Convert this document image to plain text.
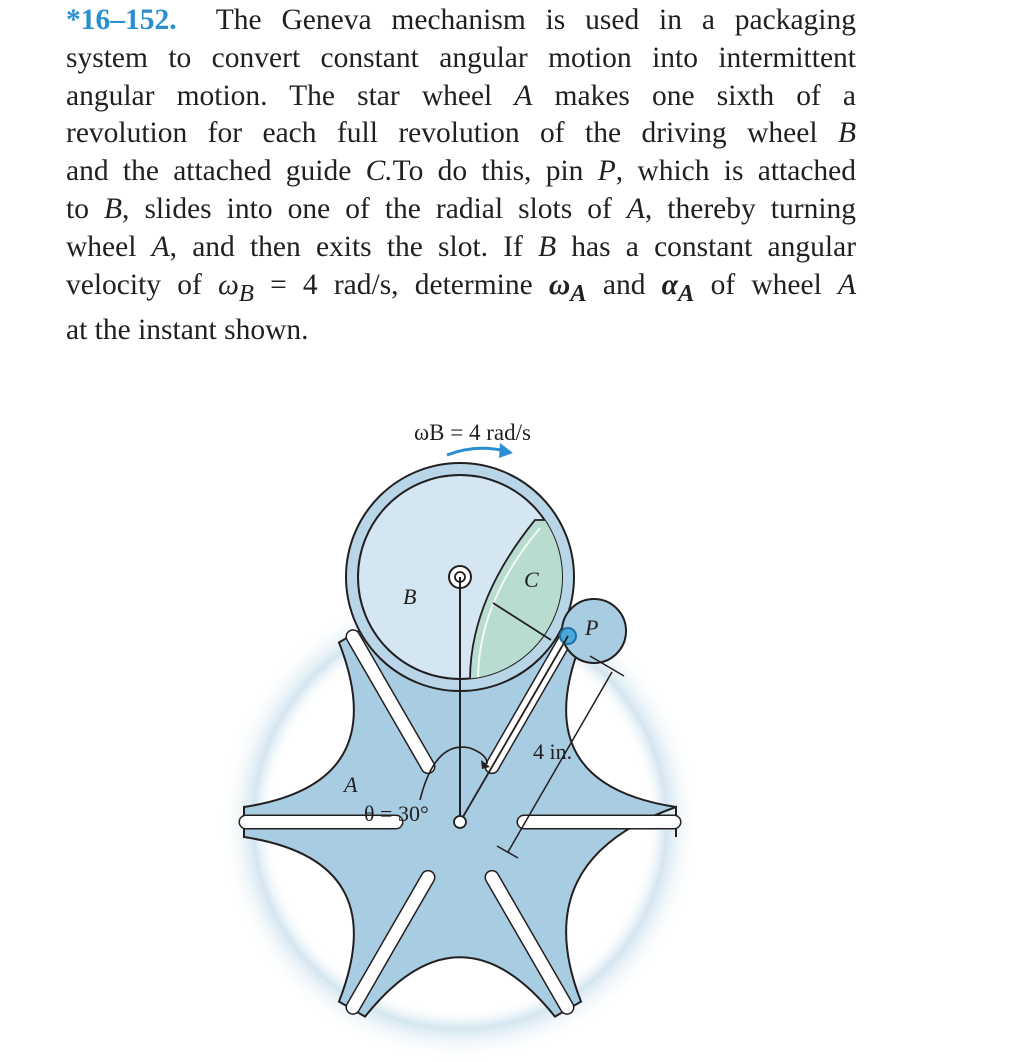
*16–152. The Geneva mechanism is used in a packaging
system to convert constant angular motion into intermittent
angular motion. The star wheel A makes one sixth of a
revolution for each full revolution of the driving wheel B
and the attached guide C.To do this, pin P, which is attached
to B, slides into one of the radial slots of A, thereby turning
wheel A, and then exits the slot. If B has a constant angular
velocity of $\omega_B = 4$ rad/s, determine $\omega_A$ and $\alpha_A$ of wheel A
at the instant shown.
ωB = 4 rad/s
B
C
P
A
4 in.
θ = 30°
